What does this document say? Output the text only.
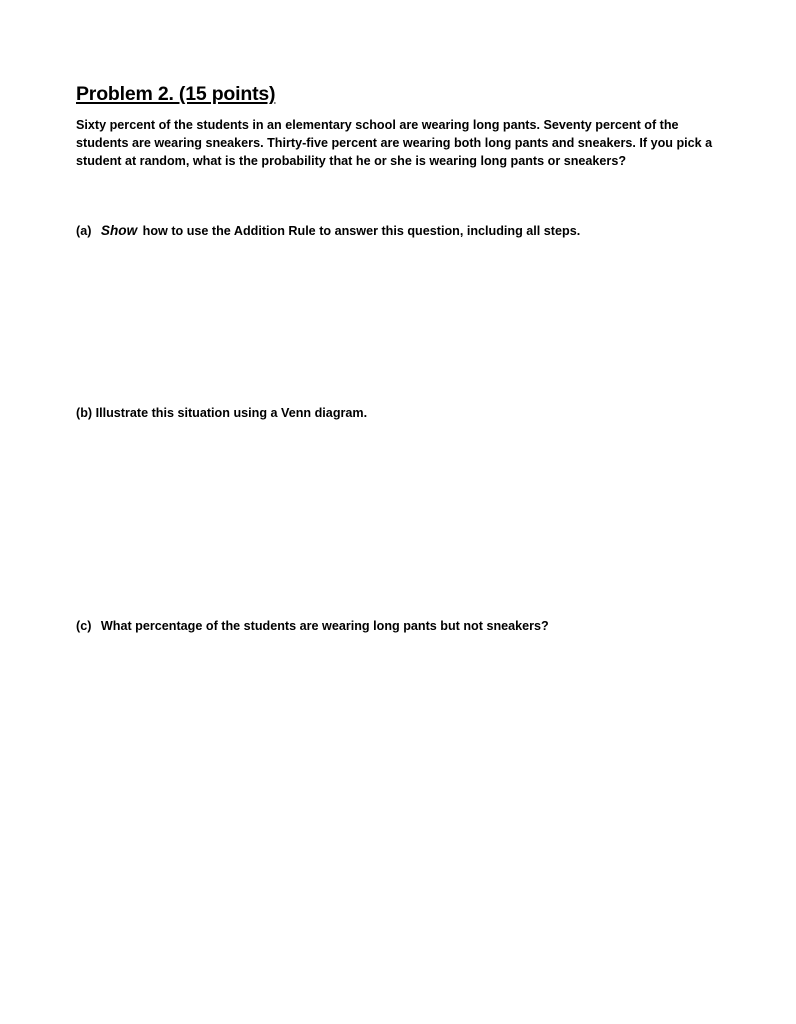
Problem 2. (15 points)
Sixty percent of the students in an elementary school are wearing long pants. Seventy percent of the students are wearing sneakers. Thirty-five percent are wearing both long pants and sneakers. If you pick a student at random, what is the probability that he or she is wearing long pants or sneakers?
(a) Show how to use the Addition Rule to answer this question, including all steps.
(b) Illustrate this situation using a Venn diagram.
(c) What percentage of the students are wearing long pants but not sneakers?
